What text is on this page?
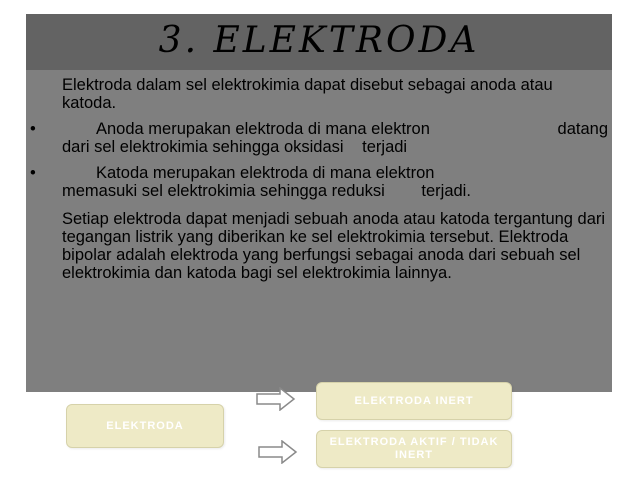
3. ELEKTRODA

Elektroda dalam sel elektrokimia dapat disebut sebagai anoda atau katoda.

•	Anoda merupakan elektroda di mana elektron	datang
dari sel elektrokimia sehingga oksidasi terjadi
•	Katoda merupakan elektroda di mana elektron
memasuki sel elektrokimia sehingga reduksi terjadi.

Setiap elektroda dapat menjadi sebuah anoda atau katoda tergantung dari tegangan listrik yang diberikan ke sel elektrokimia tersebut. Elektroda bipolar adalah elektroda yang berfungsi sebagai anoda dari sebuah sel elektrokimia dan katoda bagi sel elektrokimia lainnya.

ELEKTRODA
ELEKTRODA INERT
ELEKTRODA AKTIF / TIDAK INERT
